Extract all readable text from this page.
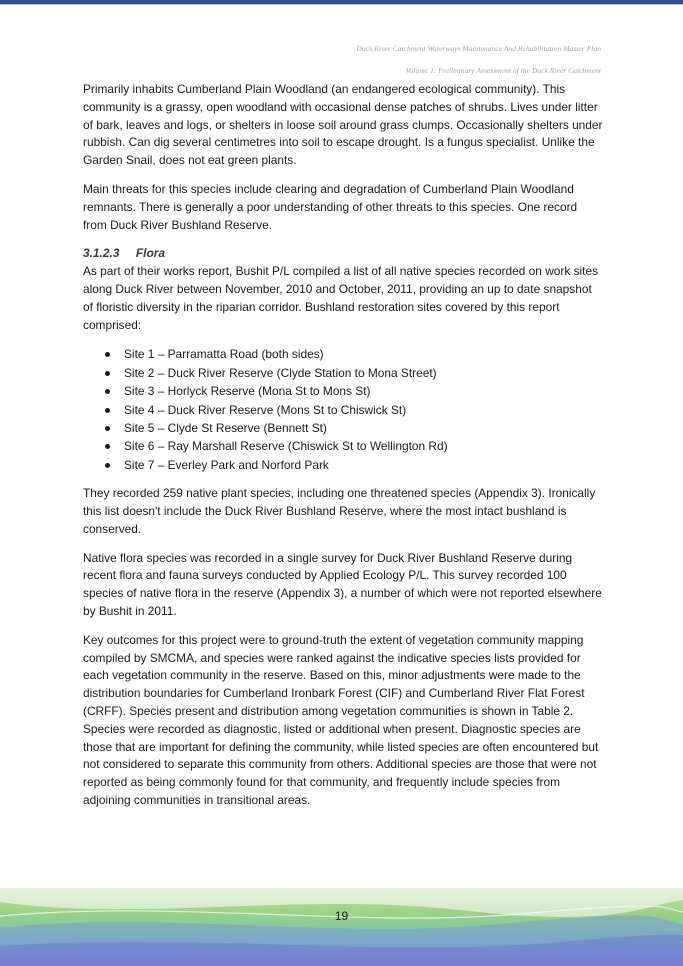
Duck River Catchment Waterways Maintenance And Rehabilitation Master Plan
Volume 1: Preliminary Assessment of the Duck River Catchment

Primarily inhabits Cumberland Plain Woodland (an endangered ecological community). This community is a grassy, open woodland with occasional dense patches of shrubs. Lives under litter of bark, leaves and logs, or shelters in loose soil around grass clumps. Occasionally shelters under rubbish. Can dig several centimetres into soil to escape drought. Is a fungus specialist. Unlike the Garden Snail, does not eat green plants.

Main threats for this species include clearing and degradation of Cumberland Plain Woodland remnants. There is generally a poor understanding of other threats to this species. One record from Duck River Bushland Reserve.

3.1.2.3 Flora

As part of their works report, Bushit P/L compiled a list of all native species recorded on work sites along Duck River between November, 2010 and October, 2011, providing an up to date snapshot of floristic diversity in the riparian corridor. Bushland restoration sites covered by this report comprised:

Site 1 – Parramatta Road (both sides)
Site 2 – Duck River Reserve (Clyde Station to Mona Street)
Site 3 – Horlyck Reserve (Mona St to Mons St)
Site 4 – Duck River Reserve (Mons St to Chiswick St)
Site 5 – Clyde St Reserve (Bennett St)
Site 6 – Ray Marshall Reserve (Chiswick St to Wellington Rd)
Site 7 – Everley Park and Norford Park

They recorded 259 native plant species, including one threatened species (Appendix 3). Ironically this list doesn't include the Duck River Bushland Reserve, where the most intact bushland is conserved.

Native flora species was recorded in a single survey for Duck River Bushland Reserve during recent flora and fauna surveys conducted by Applied Ecology P/L. This survey recorded 100 species of native flora in the reserve (Appendix 3), a number of which were not reported elsewhere by Bushit in 2011.

Key outcomes for this project were to ground-truth the extent of vegetation community mapping compiled by SMCMA, and species were ranked against the indicative species lists provided for each vegetation community in the reserve. Based on this, minor adjustments were made to the distribution boundaries for Cumberland Ironbark Forest (CIF) and Cumberland River Flat Forest (CRFF). Species present and distribution among vegetation communities is shown in Table 2. Species were recorded as diagnostic, listed or additional when present. Diagnostic species are those that are important for defining the community, while listed species are often encountered but not considered to separate this community from others. Additional species are those that were not reported as being commonly found for that community, and frequently include species from adjoining communities in transitional areas.

19
